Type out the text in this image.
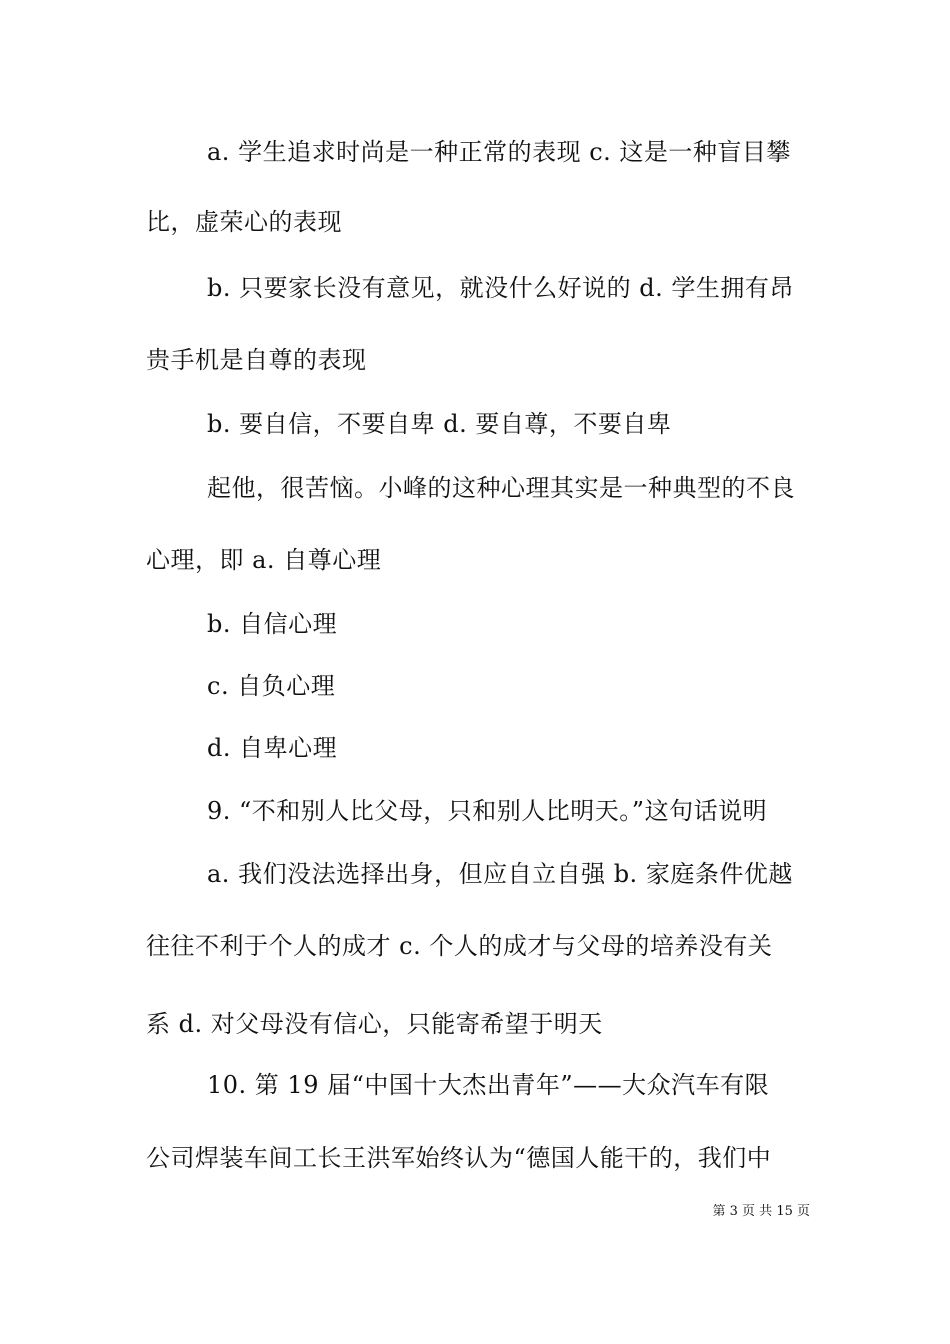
a. 学生追求时尚是一种正常的表现 c. 这是一种盲目攀
比，虚荣心的表现
b. 只要家长没有意见，就没什么好说的 d. 学生拥有昂
贵手机是自尊的表现
b. 要自信，不要自卑 d. 要自尊，不要自卑
起他，很苦恼。小峰的这种心理其实是一种典型的不良
心理，即 a. 自尊心理
b. 自信心理
c. 自负心理
d. 自卑心理
9. “不和别人比父母，只和别人比明天。”这句话说明
a. 我们没法选择出身，但应自立自强 b. 家庭条件优越
往往不利于个人的成才 c. 个人的成才与父母的培养没有关
系 d. 对父母没有信心，只能寄希望于明天
10. 第 19 届“中国十大杰出青年”——大众汽车有限
公司焊装车间工长王洪军始终认为“德国人能干的，我们中
第 3 页 共 15 页
